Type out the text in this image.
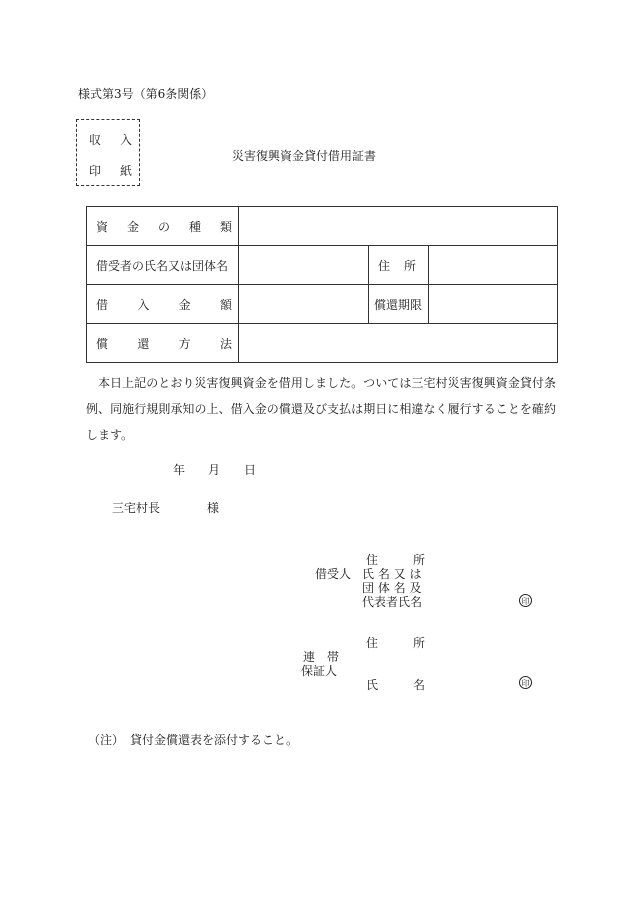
様式第3号（第6条関係）
収 入
印 紙
災害復興資金貸付借用証書
資 金 の 種 類			

借受者の氏名又は団体名		住 所	

借 入 金 額		償還期限	

償 還 方 法			

本日上記のとおり災害復興資金を借用しました。ついては三宅村災害復興資金貸付条例、同施行規則承知の上、借入金の償還及び支払は期日に相違なく履行することを確約します。

年 月 日
三宅村長	様
借受人
住	所
氏 名 又 は
団 体 名 及
代表者氏名	印
住	所
連　帯
保証人
氏	名	印
（注）　貸付金償還表を添付すること。
